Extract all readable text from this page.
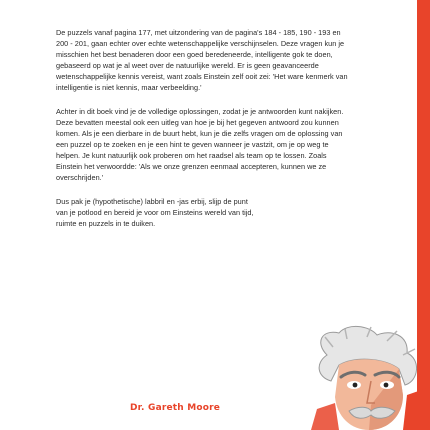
De puzzels vanaf pagina 177, met uitzondering van de pagina's 184 - 185, 190 - 193 en 200 - 201, gaan echter over echte wetenschappelijke verschijnselen. Deze vragen kun je misschien het best benaderen door een goed beredeneerde, intelligente gok te doen, gebaseerd op wat je al weet over de natuurlijke wereld. Er is geen geavanceerde wetenschappelijke kennis vereist, want zoals Einstein zelf ooit zei: 'Het ware kenmerk van intelligentie is niet kennis, maar verbeelding.'

Achter in dit boek vind je de volledige oplossingen, zodat je je antwoorden kunt nakijken. Deze bevatten meestal ook een uitleg van hoe je bij het gegeven antwoord zou kunnen komen. Als je een dierbare in de buurt hebt, kun je die zelfs vragen om de oplossing van een puzzel op te zoeken en je een hint te geven wanneer je vastzit, om je op weg te helpen. Je kunt natuurlijk ook proberen om het raadsel als team op te lossen. Zoals Einstein het verwoordde: 'Als we onze grenzen eenmaal accepteren, kunnen we ze overschrijden.'

Dus pak je (hypothetische) labbril en -jas erbij, slijp de punt van je potlood en bereid je voor om Einsteins wereld van tijd, ruimte en puzzels in te duiken.

Dr. Gareth Moore
